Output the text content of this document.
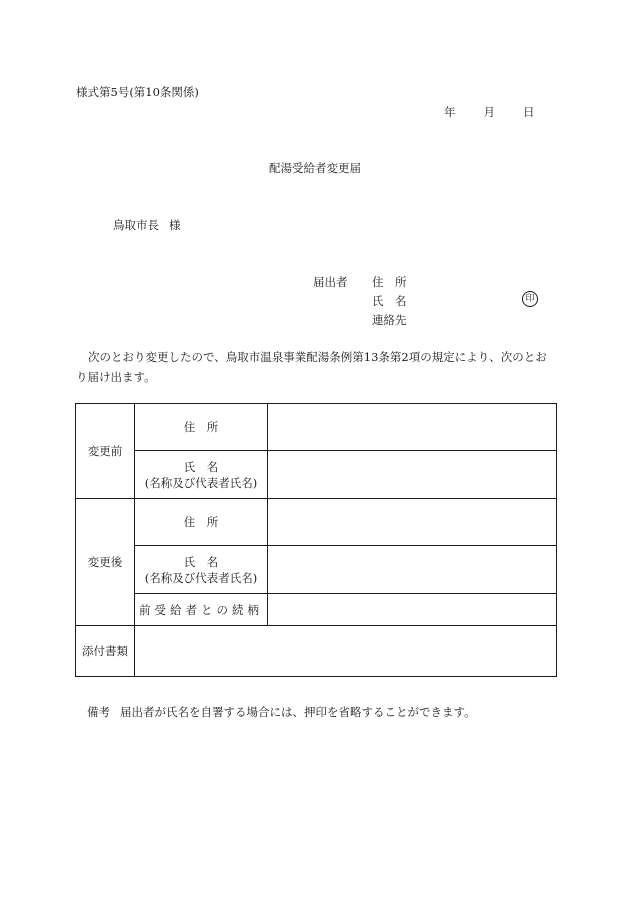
様式第5号(第10条関係)
年 月 日
配湯受給者変更届
鳥取市長 様
届出者 住　所
氏　名	印
連絡先
次のとおり変更したので、鳥取市温泉事業配湯条例第13条第2項の規定により、次のとおり届け出ます。
変更前	住　所	

	氏　名
(名称及び代表者氏名)	

変更後	住　所	

	氏　名
(名称及び代表者氏名)	

	前受給者との続柄	
添付書類		
備考 届出者が氏名を自署する場合には、押印を省略することができます。
